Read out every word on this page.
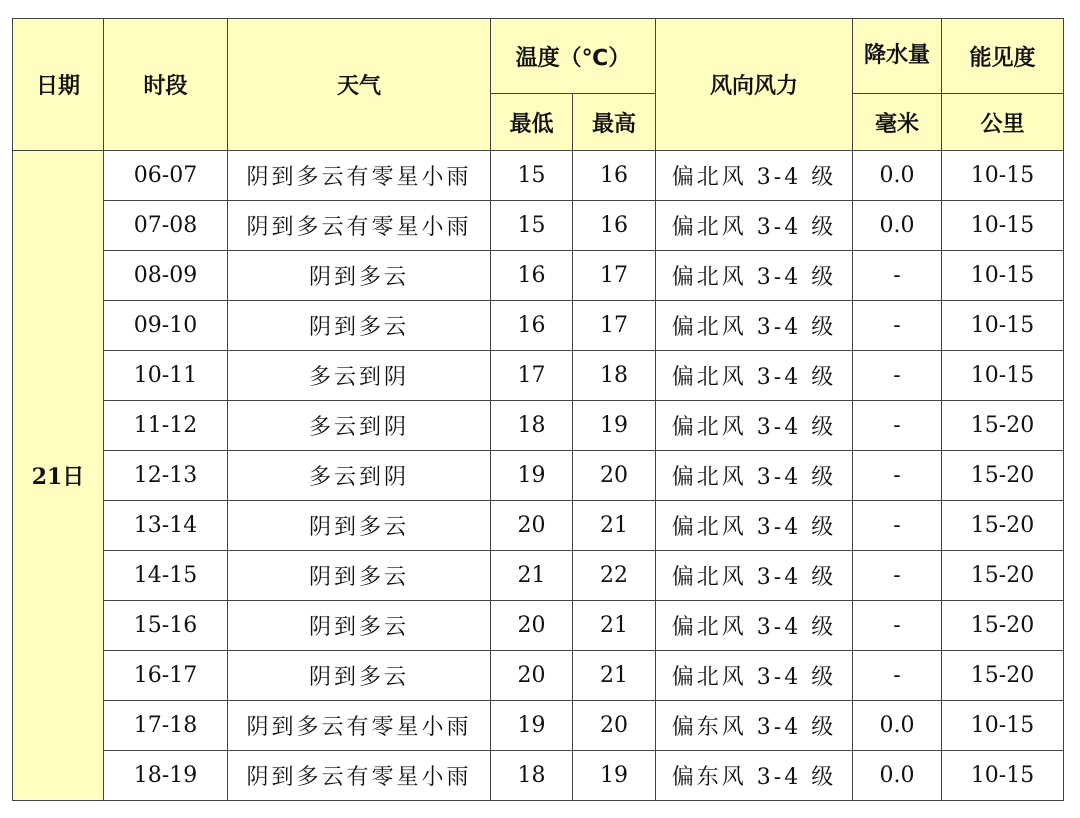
日期	时段	天气	温度（℃）		风向风力	降水量	能见度
			最低	最高		毫米	公里
21日	06-07	阴到多云有零星小雨	15	16	偏北风 3-4 级	0.0	10-15
	07-08	阴到多云有零星小雨	15	16	偏北风 3-4 级	0.0	10-15
	08-09	阴到多云	16	17	偏北风 3-4 级	-	10-15
	09-10	阴到多云	16	17	偏北风 3-4 级	-	10-15
	10-11	多云到阴	17	18	偏北风 3-4 级	-	10-15
	11-12	多云到阴	18	19	偏北风 3-4 级	-	15-20
	12-13	多云到阴	19	20	偏北风 3-4 级	-	15-20
	13-14	阴到多云	20	21	偏北风 3-4 级	-	15-20
	14-15	阴到多云	21	22	偏北风 3-4 级	-	15-20
	15-16	阴到多云	20	21	偏北风 3-4 级	-	15-20
	16-17	阴到多云	20	21	偏北风 3-4 级	-	15-20
	17-18	阴到多云有零星小雨	19	20	偏东风 3-4 级	0.0	10-15
	18-19	阴到多云有零星小雨	18	19	偏东风 3-4 级	0.0	10-15
